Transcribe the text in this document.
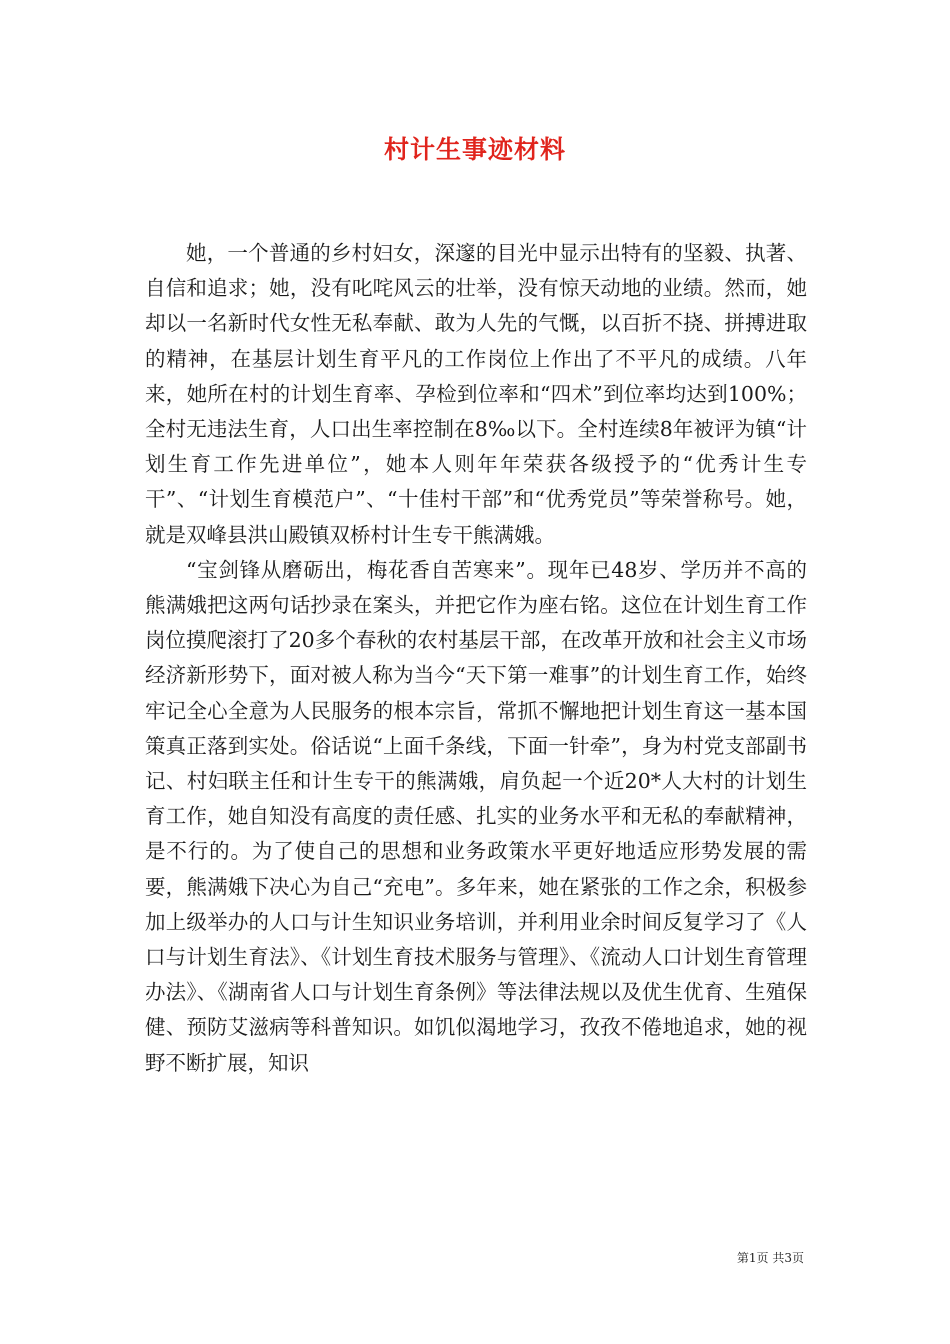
村计生事迹材料

她，一个普通的乡村妇女，深邃的目光中显示出特有的坚毅、执著、自信和追求；她，没有叱咤风云的壮举，没有惊天动地的业绩。然而，她却以一名新时代女性无私奉献、敢为人先的气慨，以百折不挠、拼搏进取的精神，在基层计划生育平凡的工作岗位上作出了不平凡的成绩。八年来，她所在村的计划生育率、孕检到位率和“四术”到位率均达到100%；全村无违法生育，人口出生率控制在8‰以下。全村连续8年被评为镇“计划生育工作先进单位”，她本人则年年荣获各级授予的“优秀计生专干”、“计划生育模范户”、“十佳村干部”和“优秀党员”等荣誉称号。她，就是双峰县洪山殿镇双桥村计生专干熊满娥。

“宝剑锋从磨砺出，梅花香自苦寒来”。现年已48岁、学历并不高的熊满娥把这两句话抄录在案头，并把它作为座右铭。这位在计划生育工作岗位摸爬滚打了20多个春秋的农村基层干部，在改革开放和社会主义市场经济新形势下，面对被人称为当今“天下第一难事”的计划生育工作，始终牢记全心全意为人民服务的根本宗旨，常抓不懈地把计划生育这一基本国策真正落到实处。俗话说“上面千条线，下面一针牵”，身为村党支部副书记、村妇联主任和计生专干的熊满娥，肩负起一个近20*人大村的计划生育工作，她自知没有高度的责任感、扎实的业务水平和无私的奉献精神，是不行的。为了使自己的思想和业务政策水平更好地适应形势发展的需要，熊满娥下决心为自己“充电”。多年来，她在紧张的工作之余，积极参加上级举办的人口与计生知识业务培训，并利用业余时间反复学习了《人口与计划生育法》、《计划生育技术服务与管理》、《流动人口计划生育管理办法》、《湖南省人口与计划生育条例》等法律法规以及优生优育、生殖保健、预防艾滋病等科普知识。如饥似渴地学习，孜孜不倦地追求，她的视野不断扩展，知识

第1页 共3页
